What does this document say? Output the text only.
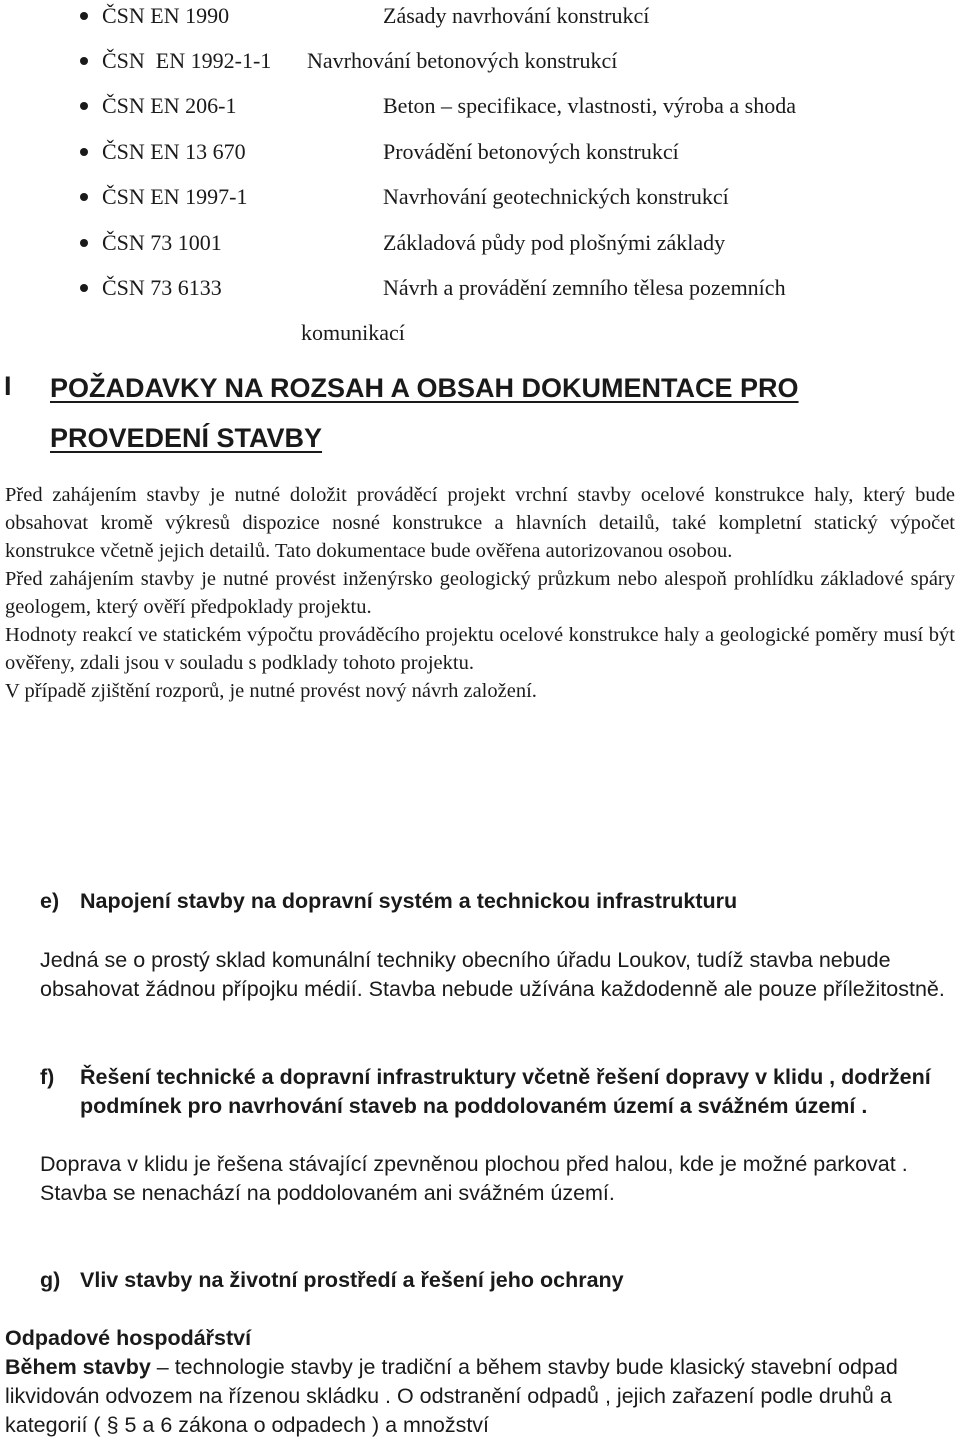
ČSN EN 1990	Zásady navrhování konstrukcí
ČSN  EN 1992-1-1 Navrhování betonových konstrukcí
ČSN EN 206-1	Beton – specifikace, vlastnosti, výroba a shoda
ČSN EN 13 670	Provádění betonových konstrukcí
ČSN EN 1997-1	Navrhování geotechnických konstrukcí
ČSN 73 1001	Základová půdy pod plošnými základy
ČSN 73 6133	Návrh a provádění zemního tělesa pozemních
komunikací
I POŽADAVKY NA ROZSAH A OBSAH DOKUMENTACE PRO PROVEDENÍ STAVBY

Před zahájením stavby je nutné doložit prováděcí projekt vrchní stavby ocelové konstrukce haly, který bude obsahovat kromě výkresů dispozice nosné konstrukce a hlavních detailů, také kompletní statický výpočet konstrukce včetně jejich detailů. Tato dokumentace bude ověřena autorizovanou osobou.

Před zahájením stavby je nutné provést inženýrsko geologický průzkum nebo alespoň prohlídku základové spáry geologem, který ověří předpoklady projektu.

Hodnoty reakcí ve statickém výpočtu prováděcího projektu ocelové konstrukce haly a geologické poměry musí být ověřeny, zdali jsou v souladu s podklady tohoto projektu.

V případě zjištění rozporů, je nutné provést nový návrh založení.

e) Napojení stavby na dopravní systém a technickou infrastrukturu
Jedná se o prostý sklad komunální techniky obecního úřadu Loukov, tudíž stavba nebude obsahovat žádnou přípojku médií. Stavba nebude užívána každodenně ale pouze příležitostně.
f) Řešení technické a dopravní infrastruktury včetně řešení dopravy v klidu , dodržení podmínek pro navrhování staveb na poddolovaném území a svážném území .

Doprava v klidu je řešena stávající zpevněnou plochou před halou, kde je možné parkovat .

Stavba se nenachází na poddolovaném ani svážném území.

g) Vliv stavby na životní prostředí a řešení jeho ochrany
Odpadové hospodářství
Během stavby – technologie stavby je tradiční a během stavby bude klasický stavební odpad likvidován odvozem na řízenou skládku . O odstranění odpadů , jejich zařazení podle druhů a kategorií ( § 5 a 6 zákona o odpadech ) a množství
